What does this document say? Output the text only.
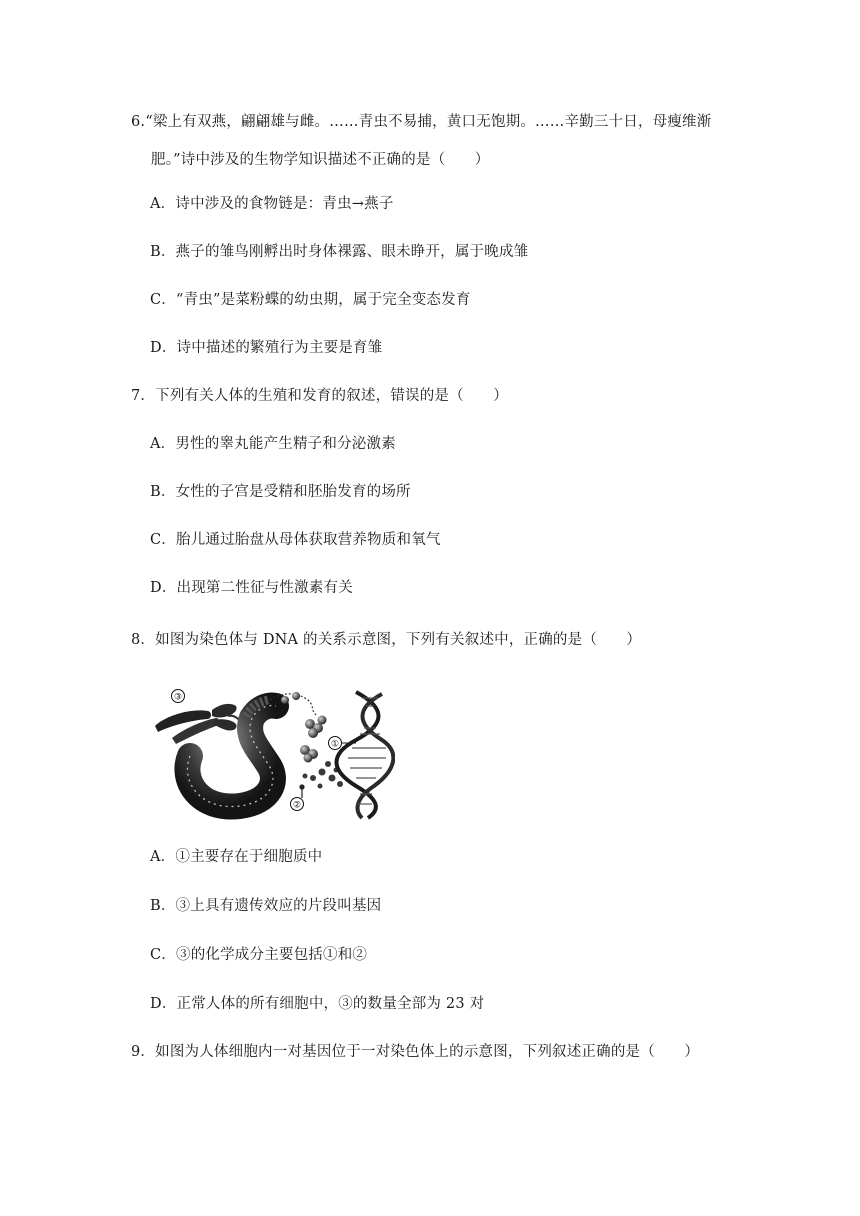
6.“梁上有双燕，翩翩雄与雌。……青虫不易捕，黄口无饱期。……辛勤三十日，母瘦维渐
肥。”诗中涉及的生物学知识描述不正确的是（　　）
A．诗中涉及的食物链是：青虫→燕子
B．燕子的雏鸟刚孵出时身体裸露、眼未睁开，属于晚成雏
C．“青虫”是菜粉蝶的幼虫期，属于完全变态发育
D．诗中描述的繁殖行为主要是育雏
7．下列有关人体的生殖和发育的叙述，错误的是（　　）
A．男性的睾丸能产生精子和分泌激素
B．女性的子宫是受精和胚胎发育的场所
C．胎儿通过胎盘从母体获取营养物质和氧气
D．出现第二性征与性激素有关
8．如图为染色体与 DNA 的关系示意图，下列有关叙述中，正确的是（　　）
③
①
②
A．①主要存在于细胞质中
B．③上具有遗传效应的片段叫基因
C．③的化学成分主要包括①和②
D．正常人体的所有细胞中，③的数量全部为 23 对
9．如图为人体细胞内一对基因位于一对染色体上的示意图，下列叙述正确的是（　　）
